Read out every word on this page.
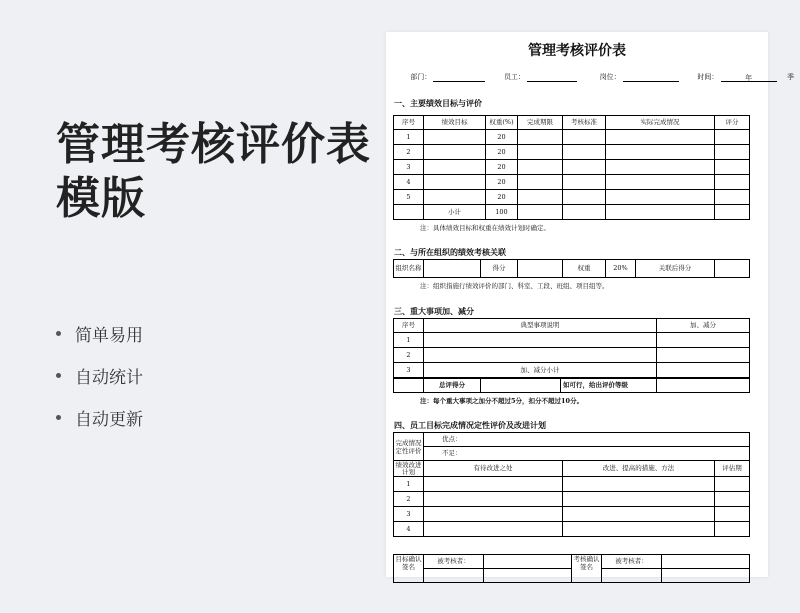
管理考核评价表
模版
简单易用
自动统计
自动更新
管理考核评价表
部门：	员工：	岗位：	时间：	年	季
一、主要绩效目标与评价
序号	绩效目标	权重(%)	完成期限	考核标准	实际完成情况	评分
1		20				
2		20				
3		20				
4		20				
5		20				
	小计	100				
注：具体绩效目标和权重在绩效计划时确定。
二、与所在组织的绩效考核关联
组织名称		得分		权重	20%	关联后得分	
注：组织指施行绩效评价的部门、科室、工段、班组、项目组等。
三、重大事项加、减分
序号	典型事项说明	加、减分
1		
2		
3	加、减分小计	
	总评得分		如可行，给出评价等级	
注：每个重大事项之加分不超过5分，扣分不超过10分。
四、员工目标完成情况定性评价及改进计划
完成情况定性评价	优点：		
	不足：		
绩效改进计划	有待改进之处	改进、提高的措施、方法	评估期
1			
2			
3			
4			
目标确认签名	被考核者：		考核确认签名	被考核者：	
